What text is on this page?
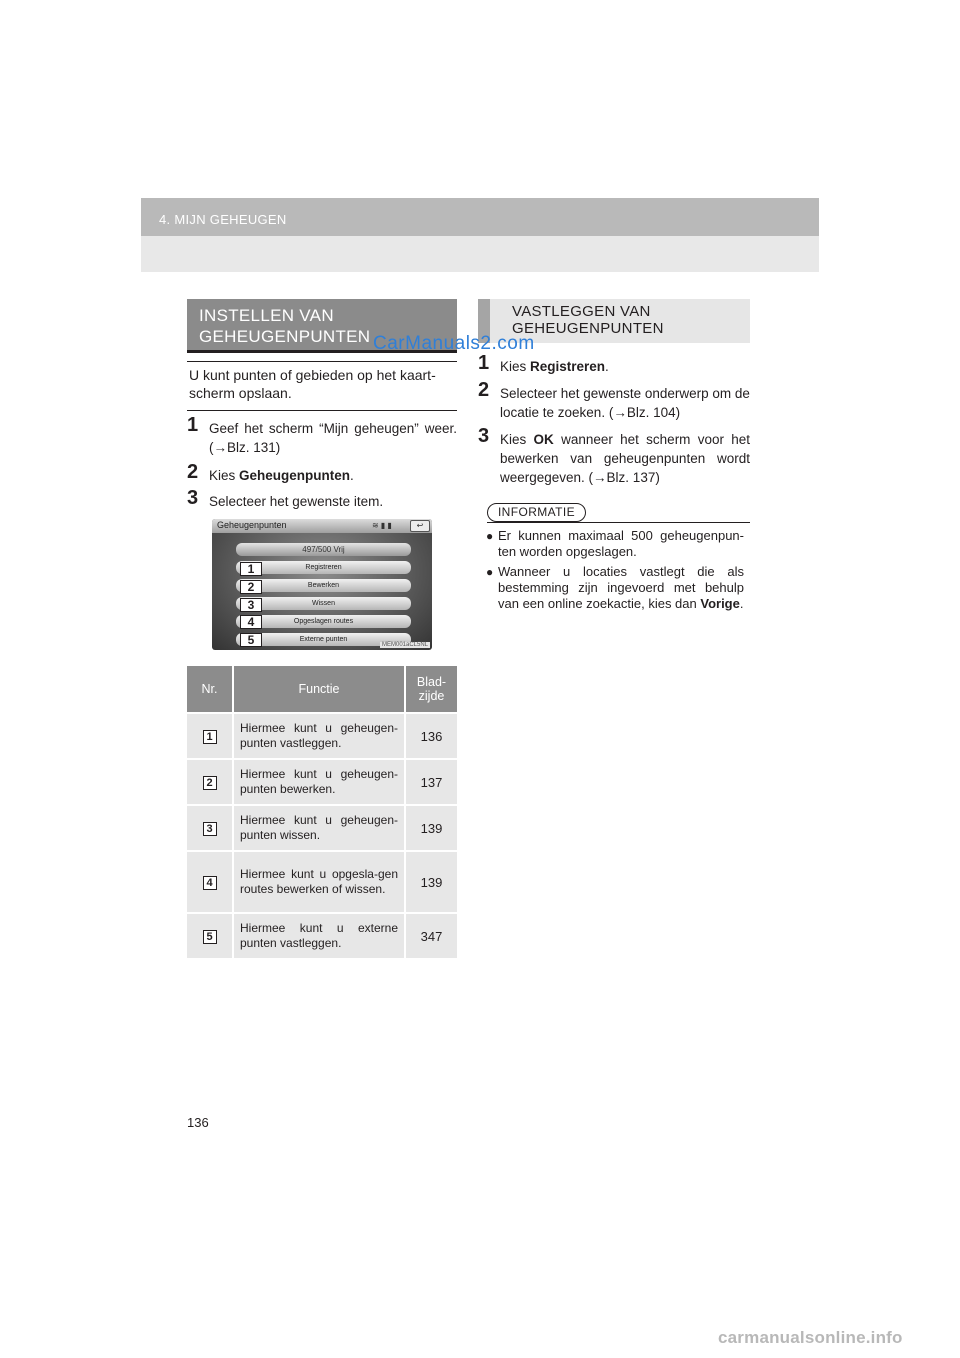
4. MIJN GEHEUGEN
INSTELLEN VAN
GEHEUGENPUNTEN
VASTLEGGEN VAN
GEHEUGENPUNTEN
CarManuals2.com
U kunt punten of gebieden op het kaart-scherm opslaan.
1 Geef het scherm “Mijn geheugen” weer. (→Blz. 131)
2 Kies Geheugenpunten.
3 Selecteer het gewenste item.
Geheugenpunten	≋ ▮ ▮	↩
497/500 Vrij
Registreren
Bewerken
Wissen
Opgeslagen routes
Externe punten
1
2
3
4
5	MEM001aCL5NL
Nr.	Functie	Blad-
zijde
1	Hiermee kunt u geheugen-punten vastleggen.	136
2	Hiermee kunt u geheugen-punten bewerken.	137
3	Hiermee kunt u geheugen-punten wissen.	139
4	Hiermee kunt u opgesla-gen routes bewerken of wissen.	139
5	Hiermee kunt u externe punten vastleggen.	347
1 Kies Registreren.
2 Selecteer het gewenste onderwerp om de locatie te zoeken. (→Blz. 104)
3 Kies OK wanneer het scherm voor het bewerken van geheugenpunten wordt weergegeven. (→Blz. 137)
INFORMATIE
● Er kunnen maximaal 500 geheugenpun-ten worden opgeslagen.
● Wanneer u locaties vastlegt die als bestemming zijn ingevoerd met behulp van een online zoekactie, kies dan Vorige.
136
carmanualsonline.info
